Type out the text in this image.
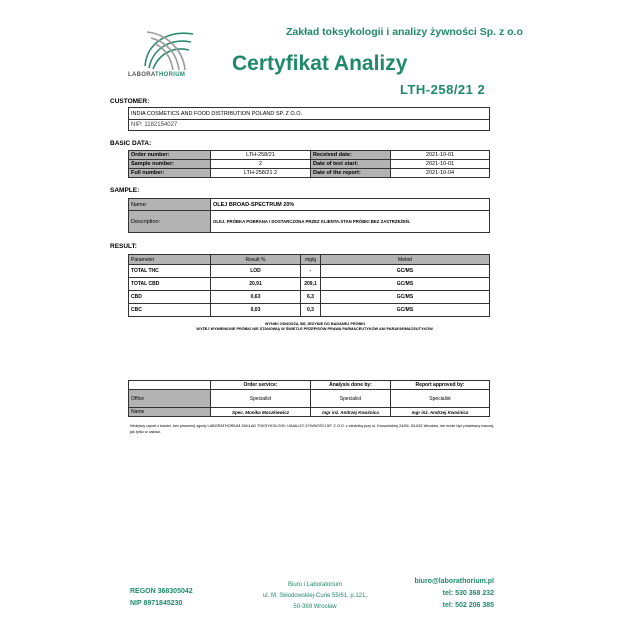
LABORATHORIUM
Zakład toksykologii i analizy żywności Sp. z o.o
Certyfikat Analizy
LTH-258/21 2
CUSTOMER:
INDIA COSMETICS AND FOOD DISTRIBUTION POLAND SP. Z O.O.
NIP: 1182154027
BASIC DATA:
Order number:	LTH-258/21	Received date:	2021-10-01
Sample number:	2	Date of test start:	2021-10-01
Full number:	LTH-258/21 2	Date of the report:	2021-10-04
SAMPLE:
Name:	OLEJ BROAD-SPECTRUM 20%
Description:	OLEJ. PRÓBKA POBRANA I DOSTARCZONA PRZEZ KLIENTA.STAN PRÓBKI BEZ ZASTRZEŻEŃ.
RESULT:
Parameter	Result %	mg/g	Metod
TOTAL THC	LOD	-	GC/MS
TOTAL CBD	20,91	209,1	GC/MS
CBD	0,63	6,3	GC/MS
CBC	0,03	0,3	GC/MS
WYNIKI ODNOSZĄ SIĘ JEDYNIE DO BADANEJ PRÓBKI
WYŻEJ WYMIENIONE PRÓBKI NIE STANOWIĄ W ŚWIETLE PRZEPISÓW PRAWA PARMACEUTYKÓW ANI PARAFARMACEUTYKÓW.
	Order service:	Analysis done by:	Report approved by:
Office	Specialist	Specialist	Specialist
Name	Spec. Monika Moczkiewicz	mgr inż. Andrzej Kwaśnica	mgr inż. Andrzej Kwaśnica
Niniejszy raport z badań, bez pisemnej zgody LABORATHORIUM ZAKŁAD TOKSYKOLOGII I ANALIZY ŻYWNOŚCI SP. Z O.O. z siedzibą przy ul. Kruszwickiej 24/66, 53-632 Wrocław, nie może być powielany inaczej, jak tylko w całości.
REGON 368305042
NIP 8971845230
Biuro i Laboratorium
ul. M. Skłodowskiej-Curie 55/61, p.121,
50-369 Wrocław
biuro@laborathorium.pl
tel: 530 368 232
tel: 502 206 385
